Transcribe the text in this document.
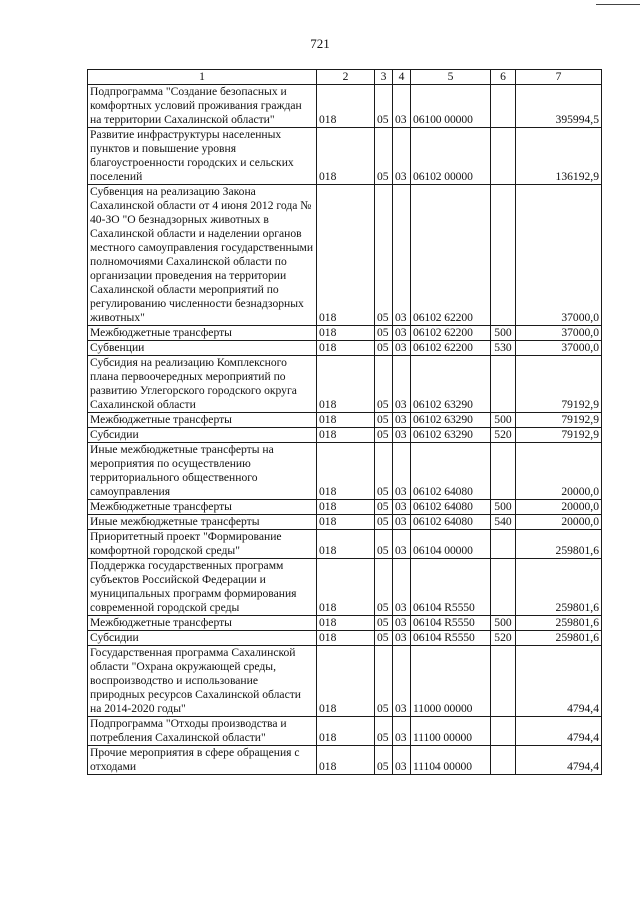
721
1	2	3	4	5	6	7
Подпрограмма "Создание безопасных и комфортных условий проживания граждан на территории Сахалинской области"	018	05	03	06100 00000		395994,5
Развитие инфраструктуры населенных пунктов и повышение уровня благоустроенности городских и сельских поселений	018	05	03	06102 00000		136192,9
Субвенция на реализацию Закона Сахалинской области от 4 июня 2012 года № 40-ЗО "О безнадзорных животных в Сахалинской области и наделении органов местного самоуправления государственными полномочиями Сахалинской области по организации проведения на территории Сахалинской области мероприятий по регулированию численности безнадзорных животных"	018	05	03	06102 62200		37000,0
Межбюджетные трансферты	018	05	03	06102 62200	500	37000,0
Субвенции	018	05	03	06102 62200	530	37000,0
Субсидия на реализацию Комплексного плана первоочередных мероприятий по развитию Углегорского городского округа Сахалинской области	018	05	03	06102 63290		79192,9
Межбюджетные трансферты	018	05	03	06102 63290	500	79192,9
Субсидии	018	05	03	06102 63290	520	79192,9
Иные межбюджетные трансферты на мероприятия по осуществлению территориального общественного самоуправления	018	05	03	06102 64080		20000,0
Межбюджетные трансферты	018	05	03	06102 64080	500	20000,0
Иные межбюджетные трансферты	018	05	03	06102 64080	540	20000,0
Приоритетный проект "Формирование комфортной городской среды"	018	05	03	06104 00000		259801,6
Поддержка государственных программ субъектов Российской Федерации и муниципальных программ формирования современной городской среды	018	05	03	06104 R5550		259801,6
Межбюджетные трансферты	018	05	03	06104 R5550	500	259801,6
Субсидии	018	05	03	06104 R5550	520	259801,6
Государственная программа Сахалинской области "Охрана окружающей среды, воспроизводство и использование природных ресурсов Сахалинской области на 2014-2020 годы"	018	05	03	11000 00000		4794,4
Подпрограмма "Отходы производства и потребления Сахалинской области"	018	05	03	11100 00000		4794,4
Прочие мероприятия в сфере обращения с отходами	018	05	03	11104 00000		4794,4
